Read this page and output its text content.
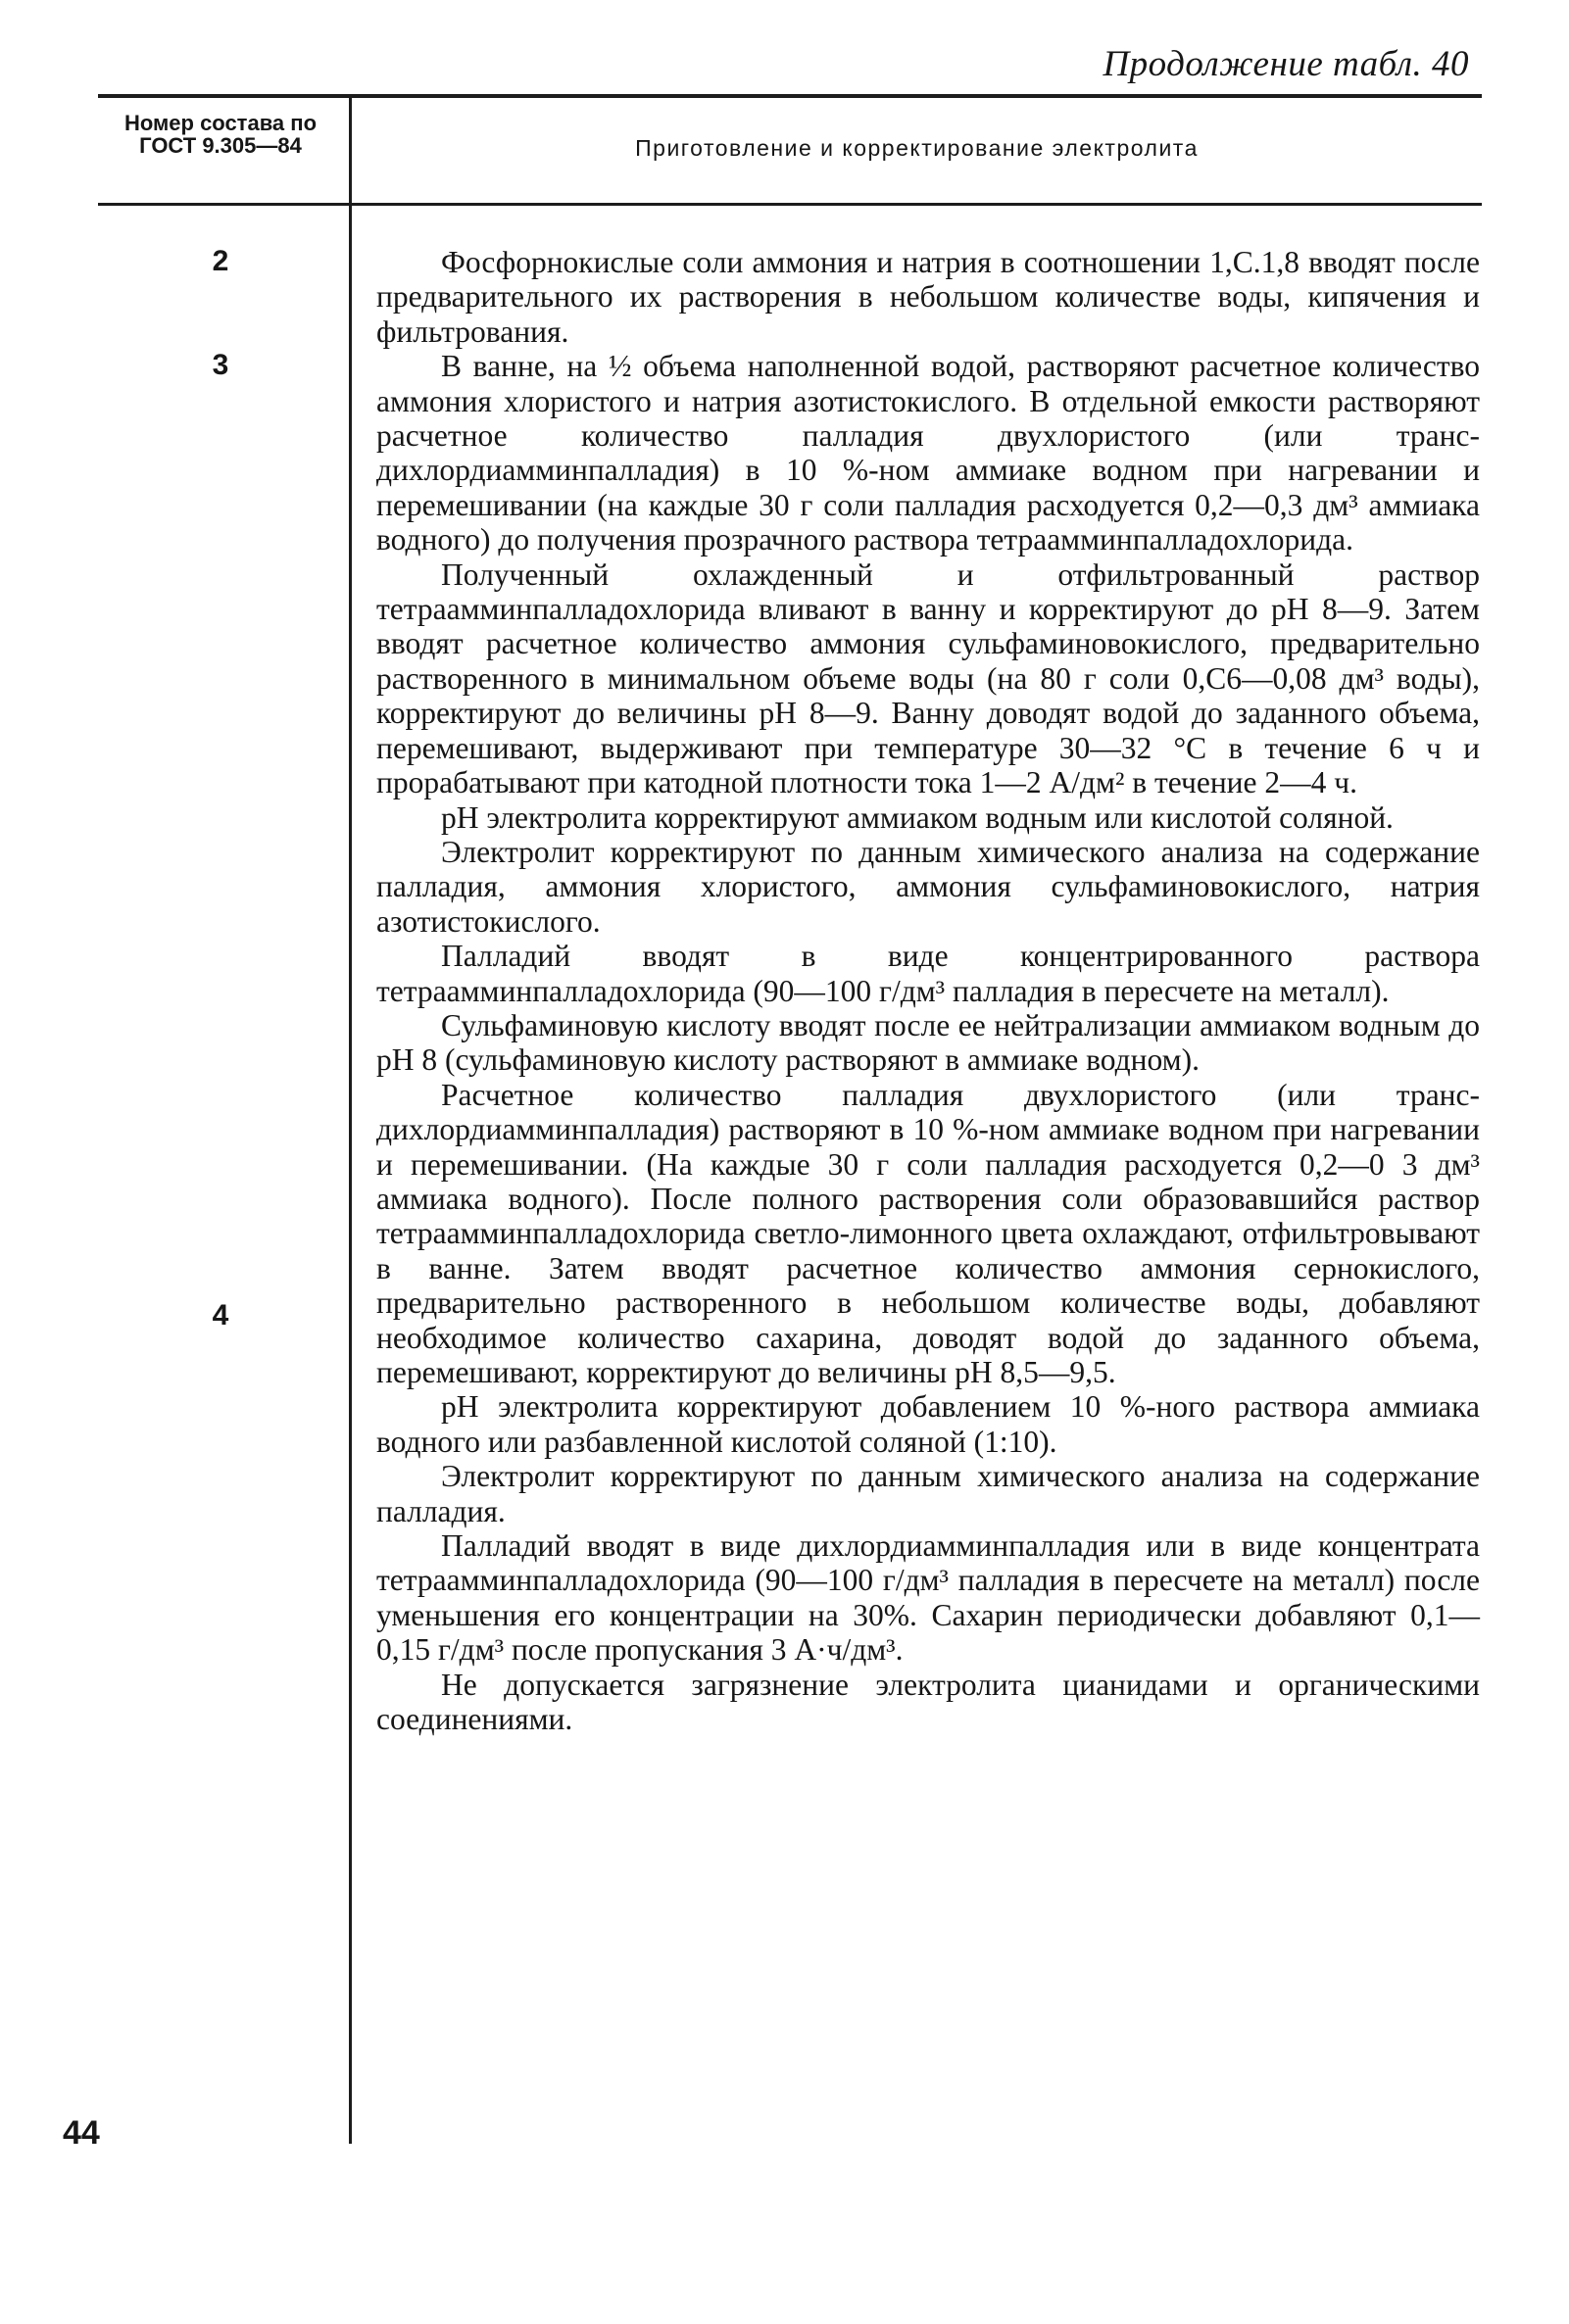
Продолжение табл. 40
Номер состава по ГОСТ 9.305—84	Приготовление и корректирование электролита
2
3
4

Фосфорнокислые соли аммония и натрия в соотношении 1,С.1,8 вводят после предварительного их растворения в небольшом количестве воды, кипячения и фильтрования.

В ванне, на ½ объема наполненной водой, растворяют расчетное количество аммония хлористого и натрия азотистокислого. В отдельной емкости растворяют расчетное количество палладия двухлористого (или транс-дихлордиамминпалладия) в 10 %-ном аммиаке водном при нагревании и перемешивании (на каждые 30 г соли палладия расходуется 0,2—0,3 дм³ аммиака водного) до получения прозрачного раствора тетраамминпалладохлорида.

Полученный охлажденный и отфильтрованный раствор тетраамминпалладохлорида вливают в ванну и корректируют до pH 8—9. Затем вводят расчетное количество аммония сульфаминовокислого, предварительно растворенного в минимальном объеме воды (на 80 г соли 0,С6—0,08 дм³ воды), корректируют до величины pH 8—9. Ванну доводят водой до заданного объема, перемешивают, выдерживают при температуре 30—32 °С в течение 6 ч и прорабатывают при катодной плотности тока 1—2 А/дм² в течение 2—4 ч.

pH электролита корректируют аммиаком водным или кислотой соляной.

Электролит корректируют по данным химического анализа на содержание палладия, аммония хлористого, аммония сульфаминовокислого, натрия азотистокислого.

Палладий вводят в виде концентрированного раствора тетраамминпалладохлорида (90—100 г/дм³ палладия в пересчете на металл).

Сульфаминовую кислоту вводят после ее нейтрализации аммиаком водным до pH 8 (сульфаминовую кислоту растворяют в аммиаке водном).

Расчетное количество палладия двухлористого (или транс-дихлордиамминпалладия) растворяют в 10 %-ном аммиаке водном при нагревании и перемешивании. (На каждые 30 г соли палладия расходуется 0,2—0 3 дм³ аммиака водного). После полного растворения соли образовавшийся раствор тетраамминпалладохлорида светло-лимонного цвета охлаждают, отфильтровывают в ванне. Затем вводят расчетное количество аммония сернокислого, предварительно растворенного в небольшом количестве воды, добавляют необходимое количество сахарина, доводят водой до заданного объема, перемешивают, корректируют до величины pH 8,5—9,5.

pH электролита корректируют добавлением 10 %-ного раствора аммиака водного или разбавленной кислотой соляной (1:10).

Электролит корректируют по данным химического анализа на содержание палладия.

Палладий вводят в виде дихлордиамминпалладия или в виде концентрата тетраамминпалладохлорида (90—100 г/дм³ палладия в пересчете на металл) после уменьшения его концентрации на 30%. Сахарин периодически добавляют 0,1—0,15 г/дм³ после пропускания 3 А·ч/дм³.

Не допускается загрязнение электролита цианидами и органическими соединениями.

44
